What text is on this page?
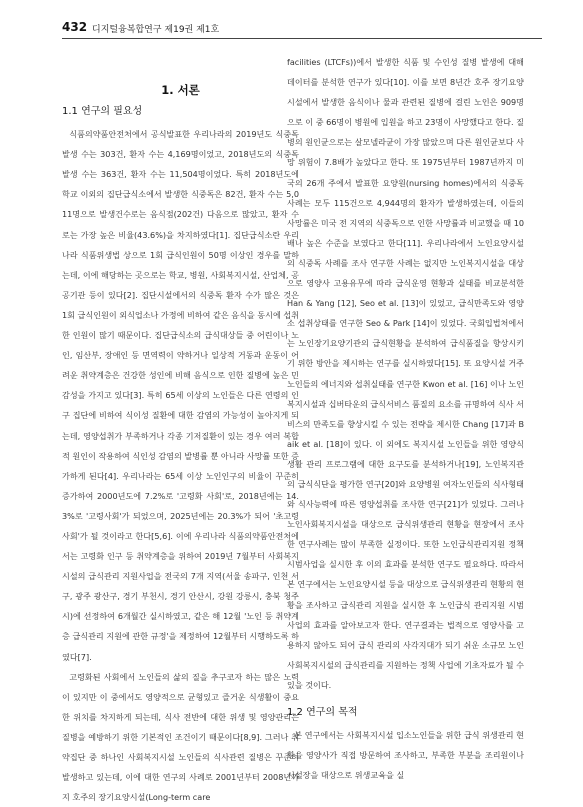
432 디지털융복합연구 제19권 제1호
1. 서론
1.1 연구의 필요성

식품의약품안전처에서 공식발표한 우리나라의 2019년도 식중독 발생 수는 303건, 환자 수는 4,169명이었고, 2018년도의 식중독 발생 수는 363건, 환자 수는 11,504명이었다. 특히 2018년도에 학교 이외의 집단급식소에서 발생한 식중독은 82건, 환자 수는 5,011명으로 발생건수로는 음식점(202건) 다음으로 많았고, 환자 수로는 가장 높은 비율(43.6%)을 차지하였다[1]. 집단급식소란 우리나라 식품위생법 상으로 1회 급식인원이 50명 이상인 경우를 말하는데, 이에 해당하는 곳으로는 학교, 병원, 사회복지시설, 산업체, 공공기관 등이 있다[2]. 집단시설에서의 식중독 환자 수가 많은 것은 1회 급식인원이 외식업소나 가정에 비하여 같은 음식을 동시에 섭취한 인원이 많기 때문이다. 집단급식소의 급식대상들 중 어린이나 노인, 임산부, 장애인 등 면역력이 약하거나 일상적 거동과 운동이 어려운 취약계층은 건강한 성인에 비해 음식으로 인한 질병에 높은 민감성을 가지고 있다[3]. 특히 65세 이상의 노인들은 다른 연령의 인구 집단에 비하여 식이성 질환에 대한 감염의 가능성이 높아지게 되는데, 영양섭취가 부족하거나 각종 기저질환이 있는 경우 여러 복합적 원인이 작용하여 식인성 감염의 발병률 뿐 아니라 사망률 또한 증가하게 된다[4]. 우리나라는 65세 이상 노인인구의 비율이 꾸준히 증가하여 2000년도에 7.2%로 '고령화 사회'로, 2018년에는 14.3%로 '고령사회'가 되었으며, 2025년에는 20.3%가 되어 '초고령사회'가 될 것이라고 한다[5,6]. 이에 우리나라 식품의약품안전처에서는 고령화 인구 등 취약계층을 위하여 2019년 7월부터 사회복지시설의 급식관리 지원사업을 전국의 7개 지역(서울 송파구, 인천 서구, 광주 광산구, 경기 부천시, 경기 안산시, 강원 강릉시, 충북 청주시)에 선정하여 6개월간 실시하였고, 같은 해 12월 '노인 등 취약계층 급식관리 지원에 관한 규정'을 제정하여 12월부터 시행하도록 하였다[7].

고령화된 사회에서 노인들의 삶의 질을 추구코자 하는 많은 노력이 있지만 이 중에서도 영양적으로 균형있고 즐거운 식생활이 중요한 위치를 차지하게 되는데, 식사 전반에 대한 위생 및 영양관리는 질병을 예방하기 위한 기본적인 조건이기 때문이다[8,9]. 그러나 취약집단 중 하나인 사회복지시설 노인들의 식사관련 질병은 꾸준히 발생하고 있는데, 이에 대한 연구의 사례로 2001년부터 2008년까지 호주의 장기요양시설(Long-term care

facilities (LTCFs))에서 발생한 식품 및 수인성 질병 발생에 대해 데이터를 분석한 연구가 있다[10]. 이를 보면 8년간 호주 장기요양시설에서 발생한 음식이나 물과 관련된 질병에 걸린 노인은 909명으로 이 중 66명이 병원에 입원을 하고 23명이 사망했다고 한다. 질병의 원인균으로는 살모넬라균이 가장 많았으며 다른 원인균보다 사망 위험이 7.8배가 높았다고 한다. 또 1975년부터 1987년까지 미국의 26개 주에서 발표한 요양원(nursing homes)에서의 식중독 사례는 모두 115건으로 4,944명의 환자가 발생하였는데, 이들의 사망률은 미국 전 지역의 식중독으로 인한 사망률과 비교했을 때 10배나 높은 수준을 보였다고 한다[11]. 우리나라에서 노인요양시설의 식중독 사례를 조사 연구한 사례는 없지만 노인복지시설을 대상으로 영양사 고용유무에 따라 급식운영 현황과 실태를 비교분석한 Han & Yang [12], Seo et al. [13]이 있었고, 급식만족도와 영양소 섭취상태를 연구한 Seo & Park [14]이 있었다. 국회입법처에서는 노인장기요양기관의 급식현황을 분석하여 급식품질을 향상시키기 위한 방안을 제시하는 연구를 실시하였다[15]. 또 요양시설 거주노인들의 에너지와 섭취실태를 연구한 Kwon et al. [16] 이나 노인복지시설과 십버타운의 급식서비스 품질의 요소를 규명하여 식사 서비스의 만족도를 향상시킬 수 있는 전략을 제시한 Chang [17]과 Baik et al. [18]이 있다. 이 외에도 복지시설 노인들을 위한 영양식생활 관리 프로그램에 대한 요구도를 분석하거나[19], 노인복지관의 급식식단을 평가한 연구[20]와 요양병원 여자노인들의 식사형태와 식사능력에 따른 영양섭취를 조사한 연구[21]가 있었다. 그러나 노인사회복지시설을 대상으로 급식위생관리 현황을 현장에서 조사한 연구사례는 많이 부족한 실정이다. 또한 노인급식관리지원 정책 시범사업을 실시한 후 이의 효과를 분석한 연구도 필요하다. 따라서 본 연구에서는 노인요양시설 등을 대상으로 급식위생관리 현황의 현황을 조사하고 급식관리 지원을 실시한 후 노인급식 관리지원 시범사업의 효과를 알아보고자 한다. 연구결과는 법적으로 영양사를 고용하지 않아도 되어 급식 관리의 사각지대가 되기 쉬운 소규모 노인사회복지시설의 급식관리를 지원하는 정책 사업에 기초자료가 될 수 있을 것이다.

1.2 연구의 목적

본 연구에서는 사회복지시설 입소노인들을 위한 급식 위생관리 현황을 영양사가 직접 방문하여 조사하고, 부족한 부분을 조리원이나 시설장을 대상으로 위생교육을 실
